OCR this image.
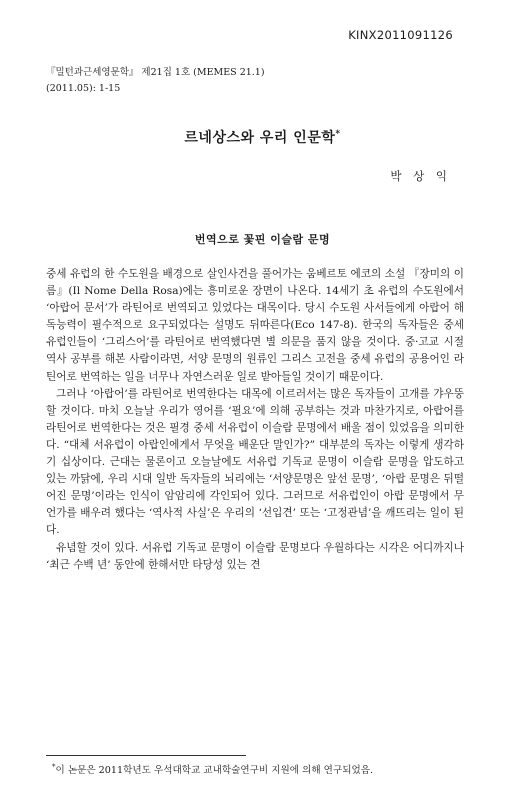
KINX2011091126
『밀턴과근세영문학』 제21집 1호 (MEMES 21.1)
(2011.05): 1-15
르네상스와 우리 인문학*
박 상 익
번역으로 꽃핀 이슬람 문명

중세 유럽의 한 수도원을 배경으로 살인사건을 풀어가는 움베르토 에코의 소설 『장미의 이름』(Il Nome Della Rosa)에는 흥미로운 장면이 나온다. 14세기 초 유럽의 수도원에서 ‘아랍어 문서’가 라틴어로 번역되고 있었다는 대목이다. 당시 수도원 사서들에게 아랍어 해독능력이 필수적으로 요구되었다는 설명도 뒤따른다(Eco 147-8). 한국의 독자들은 중세 유럽인들이 ‘그리스어’를 라틴어로 번역했다면 별 의문을 품지 않을 것이다. 중·고교 시절 역사 공부를 해본 사람이라면, 서양 문명의 원류인 그리스 고전을 중세 유럽의 공용어인 라틴어로 번역하는 일을 너무나 자연스러운 일로 받아들일 것이기 때문이다.

그러나 ‘아랍어’를 라틴어로 번역한다는 대목에 이르러서는 많은 독자들이 고개를 갸우뚱할 것이다. 마치 오늘날 우리가 영어를 ‘필요’에 의해 공부하는 것과 마찬가지로, 아랍어를 라틴어로 번역한다는 것은 필경 중세 서유럽이 이슬람 문명에서 배울 점이 있었음을 의미한다. “대체 서유럽이 아랍인에게서 무엇을 배운단 말인가?” 대부분의 독자는 이렇게 생각하기 십상이다. 근대는 물론이고 오늘날에도 서유럽 기독교 문명이 이슬람 문명을 압도하고 있는 까닭에, 우리 시대 일반 독자들의 뇌리에는 ‘서양문명은 앞선 문명’, ‘아랍 문명은 뒤떨어진 문명’이라는 인식이 암암리에 각인되어 있다. 그러므로 서유럽인이 아랍 문명에서 무언가를 배우려 했다는 ‘역사적 사실’은 우리의 ‘선입견’ 또는 ‘고정관념’을 깨뜨리는 일이 된다.

유념할 것이 있다. 서유럽 기독교 문명이 이슬람 문명보다 우월하다는 시각은 어디까지나 ‘최근 수백 년’ 동안에 한해서만 타당성 있는 견

*이 논문은 2011학년도 우석대학교 교내학술연구비 지원에 의해 연구되었음.
